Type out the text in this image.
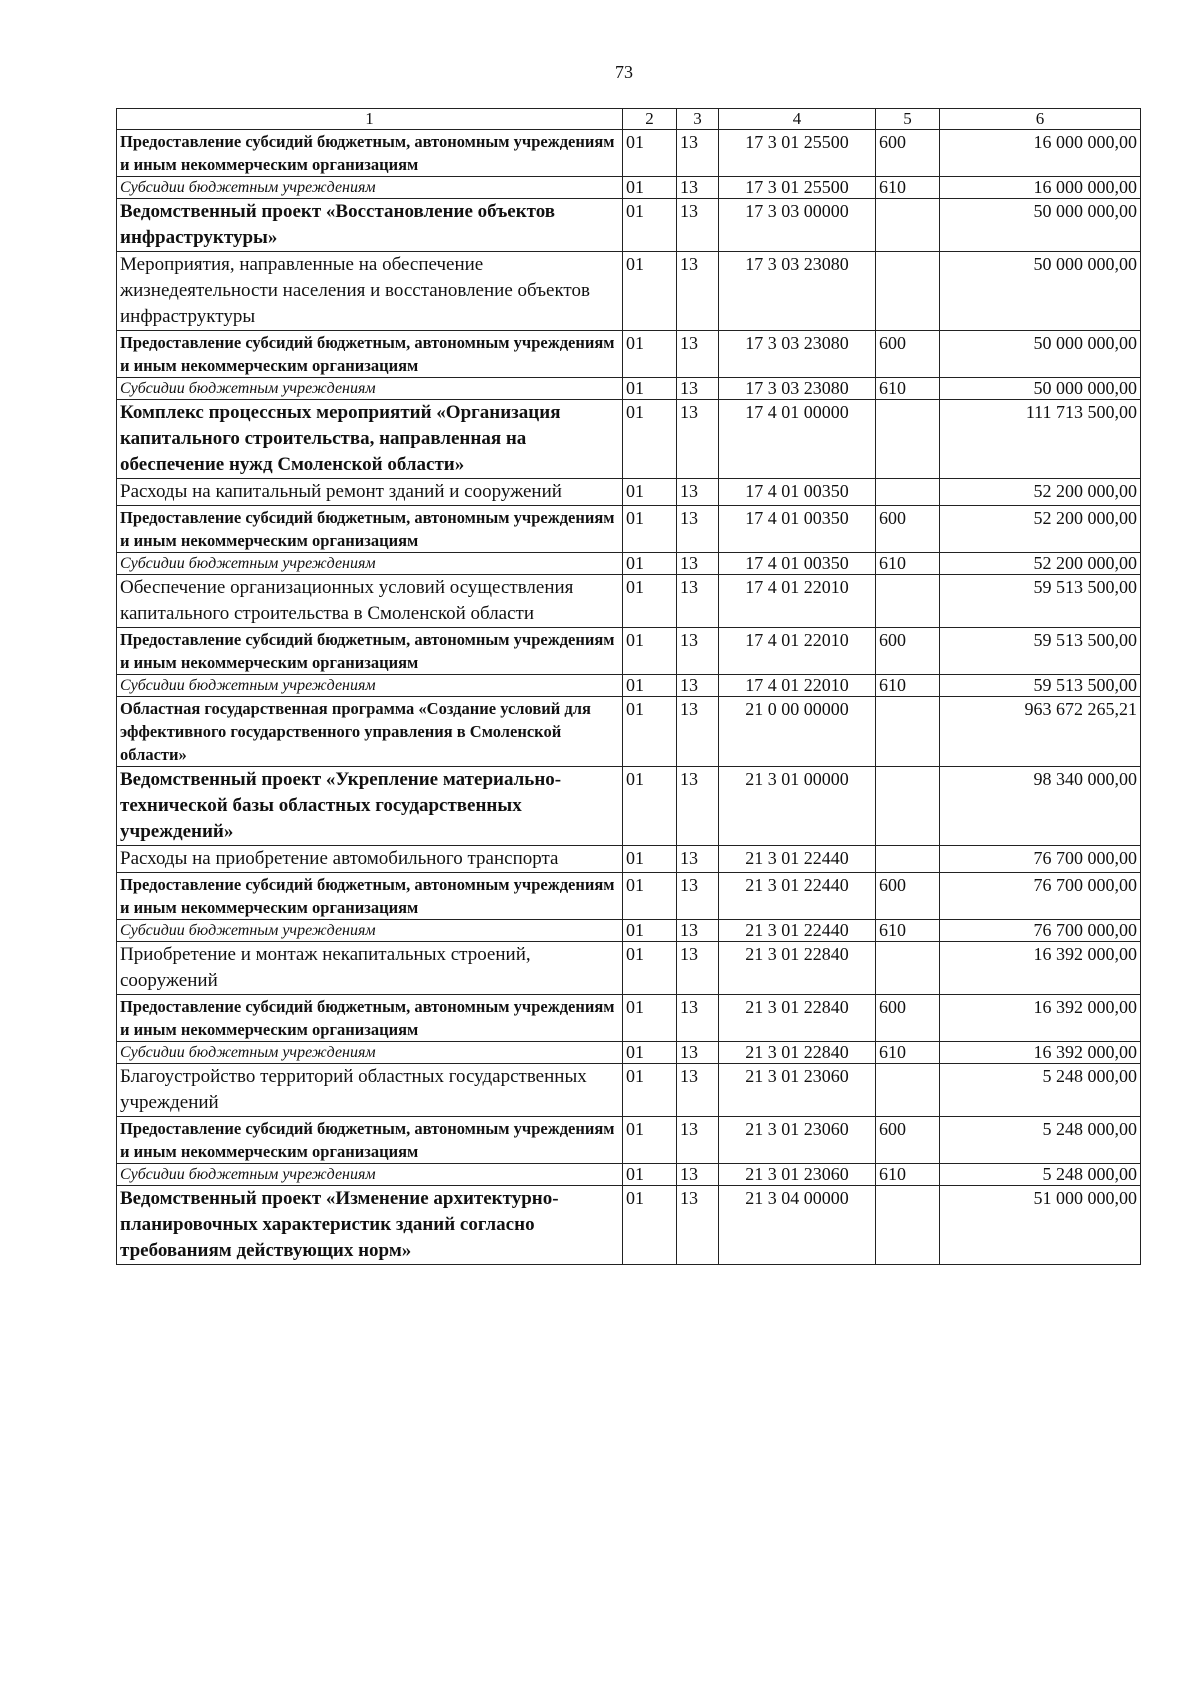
73
1	2	3	4	5	6
Предоставление субсидий бюджетным, автономным учреждениям и иным некоммерческим организациям	01	13	17 3 01 25500	600	16 000 000,00
Субсидии бюджетным учреждениям	01	13	17 3 01 25500	610	16 000 000,00
Ведомственный проект «Восстановление объектов инфраструктуры»	01	13	17 3 03 00000		50 000 000,00
Мероприятия, направленные на обеспечение жизнедеятельности населения и восстановление объектов инфраструктуры	01	13	17 3 03 23080		50 000 000,00
Предоставление субсидий бюджетным, автономным учреждениям и иным некоммерческим организациям	01	13	17 3 03 23080	600	50 000 000,00
Субсидии бюджетным учреждениям	01	13	17 3 03 23080	610	50 000 000,00
Комплекс процессных мероприятий «Организация капитального строительства, направленная на обеспечение нужд Смоленской области»	01	13	17 4 01 00000		111 713 500,00
Расходы на капитальный ремонт зданий и сооружений	01	13	17 4 01 00350		52 200 000,00
Предоставление субсидий бюджетным, автономным учреждениям и иным некоммерческим организациям	01	13	17 4 01 00350	600	52 200 000,00
Субсидии бюджетным учреждениям	01	13	17 4 01 00350	610	52 200 000,00
Обеспечение организационных условий осуществления капитального строительства в Смоленской области	01	13	17 4 01 22010		59 513 500,00
Предоставление субсидий бюджетным, автономным учреждениям и иным некоммерческим организациям	01	13	17 4 01 22010	600	59 513 500,00
Субсидии бюджетным учреждениям	01	13	17 4 01 22010	610	59 513 500,00
Областная государственная программа «Создание условий для эффективного государственного управления в Смоленской области»	01	13	21 0 00 00000		963 672 265,21
Ведомственный проект «Укрепление материально-технической базы областных государственных учреждений»	01	13	21 3 01 00000		98 340 000,00
Расходы на приобретение автомобильного транспорта	01	13	21 3 01 22440		76 700 000,00
Предоставление субсидий бюджетным, автономным учреждениям и иным некоммерческим организациям	01	13	21 3 01 22440	600	76 700 000,00
Субсидии бюджетным учреждениям	01	13	21 3 01 22440	610	76 700 000,00
Приобретение и монтаж некапитальных строений, сооружений	01	13	21 3 01 22840		16 392 000,00
Предоставление субсидий бюджетным, автономным учреждениям и иным некоммерческим организациям	01	13	21 3 01 22840	600	16 392 000,00
Субсидии бюджетным учреждениям	01	13	21 3 01 22840	610	16 392 000,00
Благоустройство территорий областных государственных учреждений	01	13	21 3 01 23060		5 248 000,00
Предоставление субсидий бюджетным, автономным учреждениям и иным некоммерческим организациям	01	13	21 3 01 23060	600	5 248 000,00
Субсидии бюджетным учреждениям	01	13	21 3 01 23060	610	5 248 000,00
Ведомственный проект «Изменение архитектурно-планировочных характеристик зданий согласно требованиям действующих норм»	01	13	21 3 04 00000		51 000 000,00
